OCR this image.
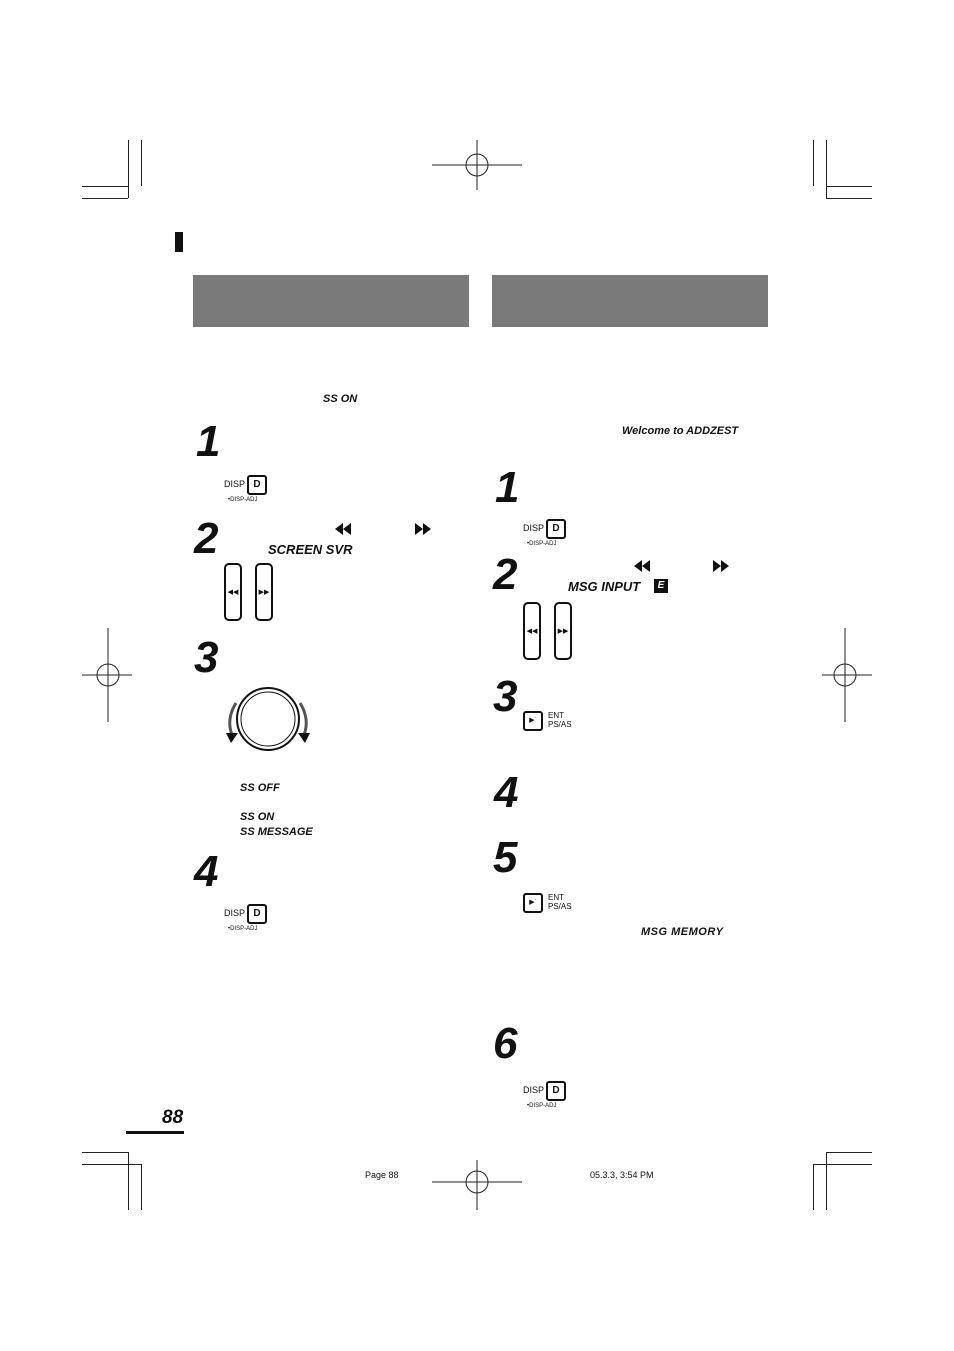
SS ON
1
DISP D
•DISP-ADJ
2	SCREEN SVR
◀◀	▶▶
3
SS OFF
SS ON
SS MESSAGE
4
DISP D
•DISP-ADJ
Welcome to ADDZEST
1
DISP D
•DISP-ADJ
2	MSG INPUT	E
◀◀	▶▶
3	▶ॱ
ENT
PS/AS
4
5
▶ॱ
ENT
PS/AS
MSG MEMORY
6
DISP D
•DISP-ADJ
88
Page 88	05.3.3, 3:54 PM
